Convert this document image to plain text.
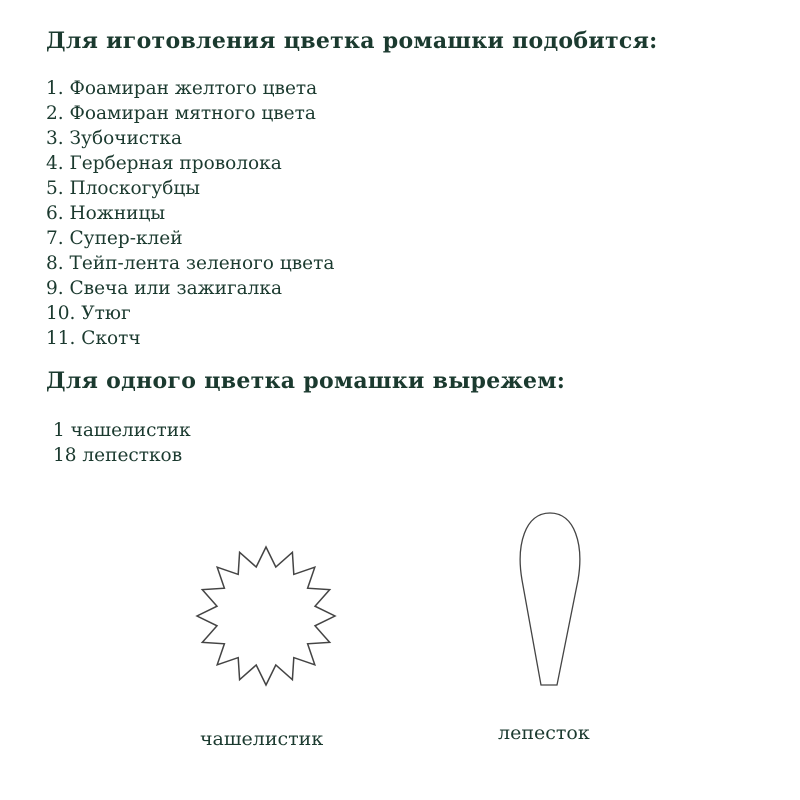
Для иготовления цветка ромашки подобится:
1. Фоамиран желтого цвета
2. Фоамиран мятного цвета
3. Зубочистка
4. Герберная проволока
5. Плоскогубцы
6. Ножницы
7. Супер-клей
8. Тейп-лента зеленого цвета
9. Свеча или зажигалка
10. Утюг
11. Скотч
Для одного цветка ромашки вырежем:
1 чашелистик
18 лепестков
чашелистик	лепесток
